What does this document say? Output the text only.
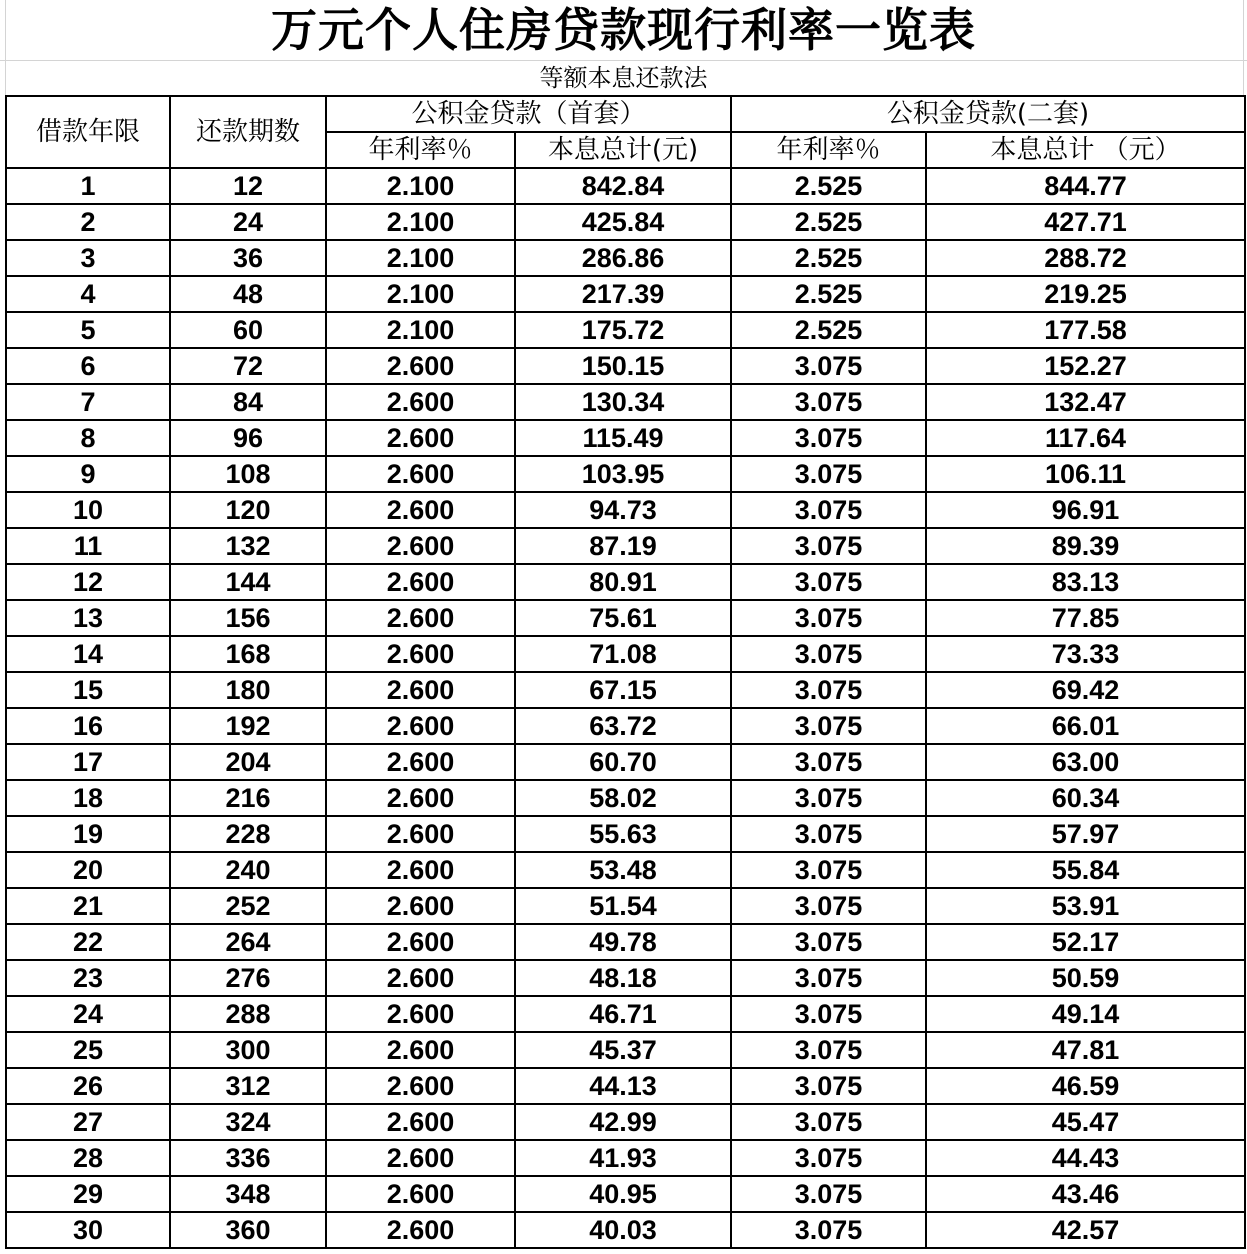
万元个人住房贷款现行利率一览表
等额本息还款法
借款年限	还款期数	公积金贷款（首套）		公积金贷款(二套)	
		年利率％	本息总计(元)	年利率％	本息总计 （元）
1	12	2.100	842.84	2.525	844.77
2	24	2.100	425.84	2.525	427.71
3	36	2.100	286.86	2.525	288.72
4	48	2.100	217.39	2.525	219.25
5	60	2.100	175.72	2.525	177.58
6	72	2.600	150.15	3.075	152.27
7	84	2.600	130.34	3.075	132.47
8	96	2.600	115.49	3.075	117.64
9	108	2.600	103.95	3.075	106.11
10	120	2.600	94.73	3.075	96.91
11	132	2.600	87.19	3.075	89.39
12	144	2.600	80.91	3.075	83.13
13	156	2.600	75.61	3.075	77.85
14	168	2.600	71.08	3.075	73.33
15	180	2.600	67.15	3.075	69.42
16	192	2.600	63.72	3.075	66.01
17	204	2.600	60.70	3.075	63.00
18	216	2.600	58.02	3.075	60.34
19	228	2.600	55.63	3.075	57.97
20	240	2.600	53.48	3.075	55.84
21	252	2.600	51.54	3.075	53.91
22	264	2.600	49.78	3.075	52.17
23	276	2.600	48.18	3.075	50.59
24	288	2.600	46.71	3.075	49.14
25	300	2.600	45.37	3.075	47.81
26	312	2.600	44.13	3.075	46.59
27	324	2.600	42.99	3.075	45.47
28	336	2.600	41.93	3.075	44.43
29	348	2.600	40.95	3.075	43.46
30	360	2.600	40.03	3.075	42.57
